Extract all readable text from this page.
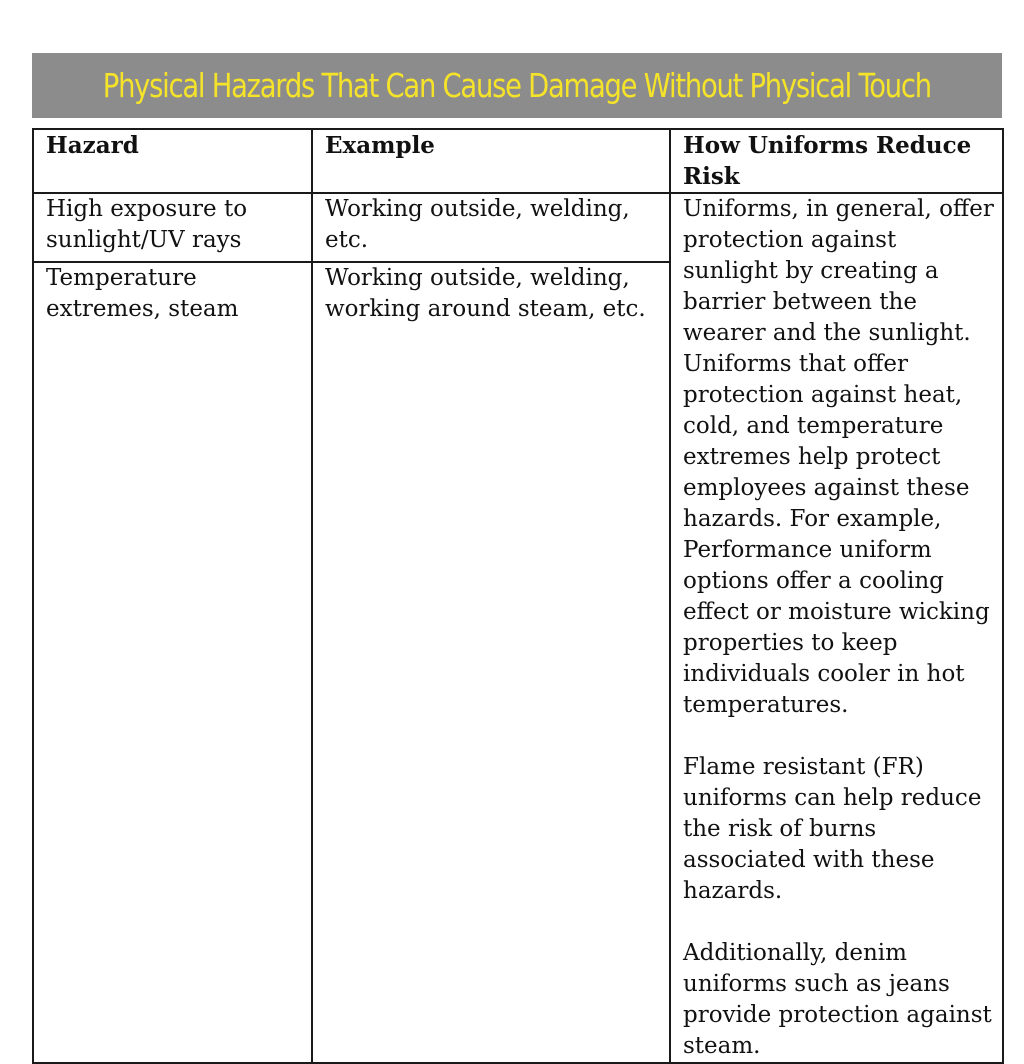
Physical Hazards That Can Cause Damage Without Physical Touch
Hazard	Example	How Uniforms Reduce Risk
High exposure to sunlight/UV rays	Working outside, welding, etc.	Uniforms, in general, offer protection against sunlight by creating a barrier between the wearer and the sunlight. Uniforms that offer protection against heat, cold, and temperature extremes help protect employees against these hazards. For example, Performance uniform options offer a cooling effect or moisture wicking properties to keep individuals cooler in hot temperatures.

Flame resistant (FR) uniforms can help reduce the risk of burns associated with these hazards.

Additionally, denim uniforms such as jeans provide protection against steam.
Temperature extremes, steam	Working outside, welding, working around steam, etc.	
